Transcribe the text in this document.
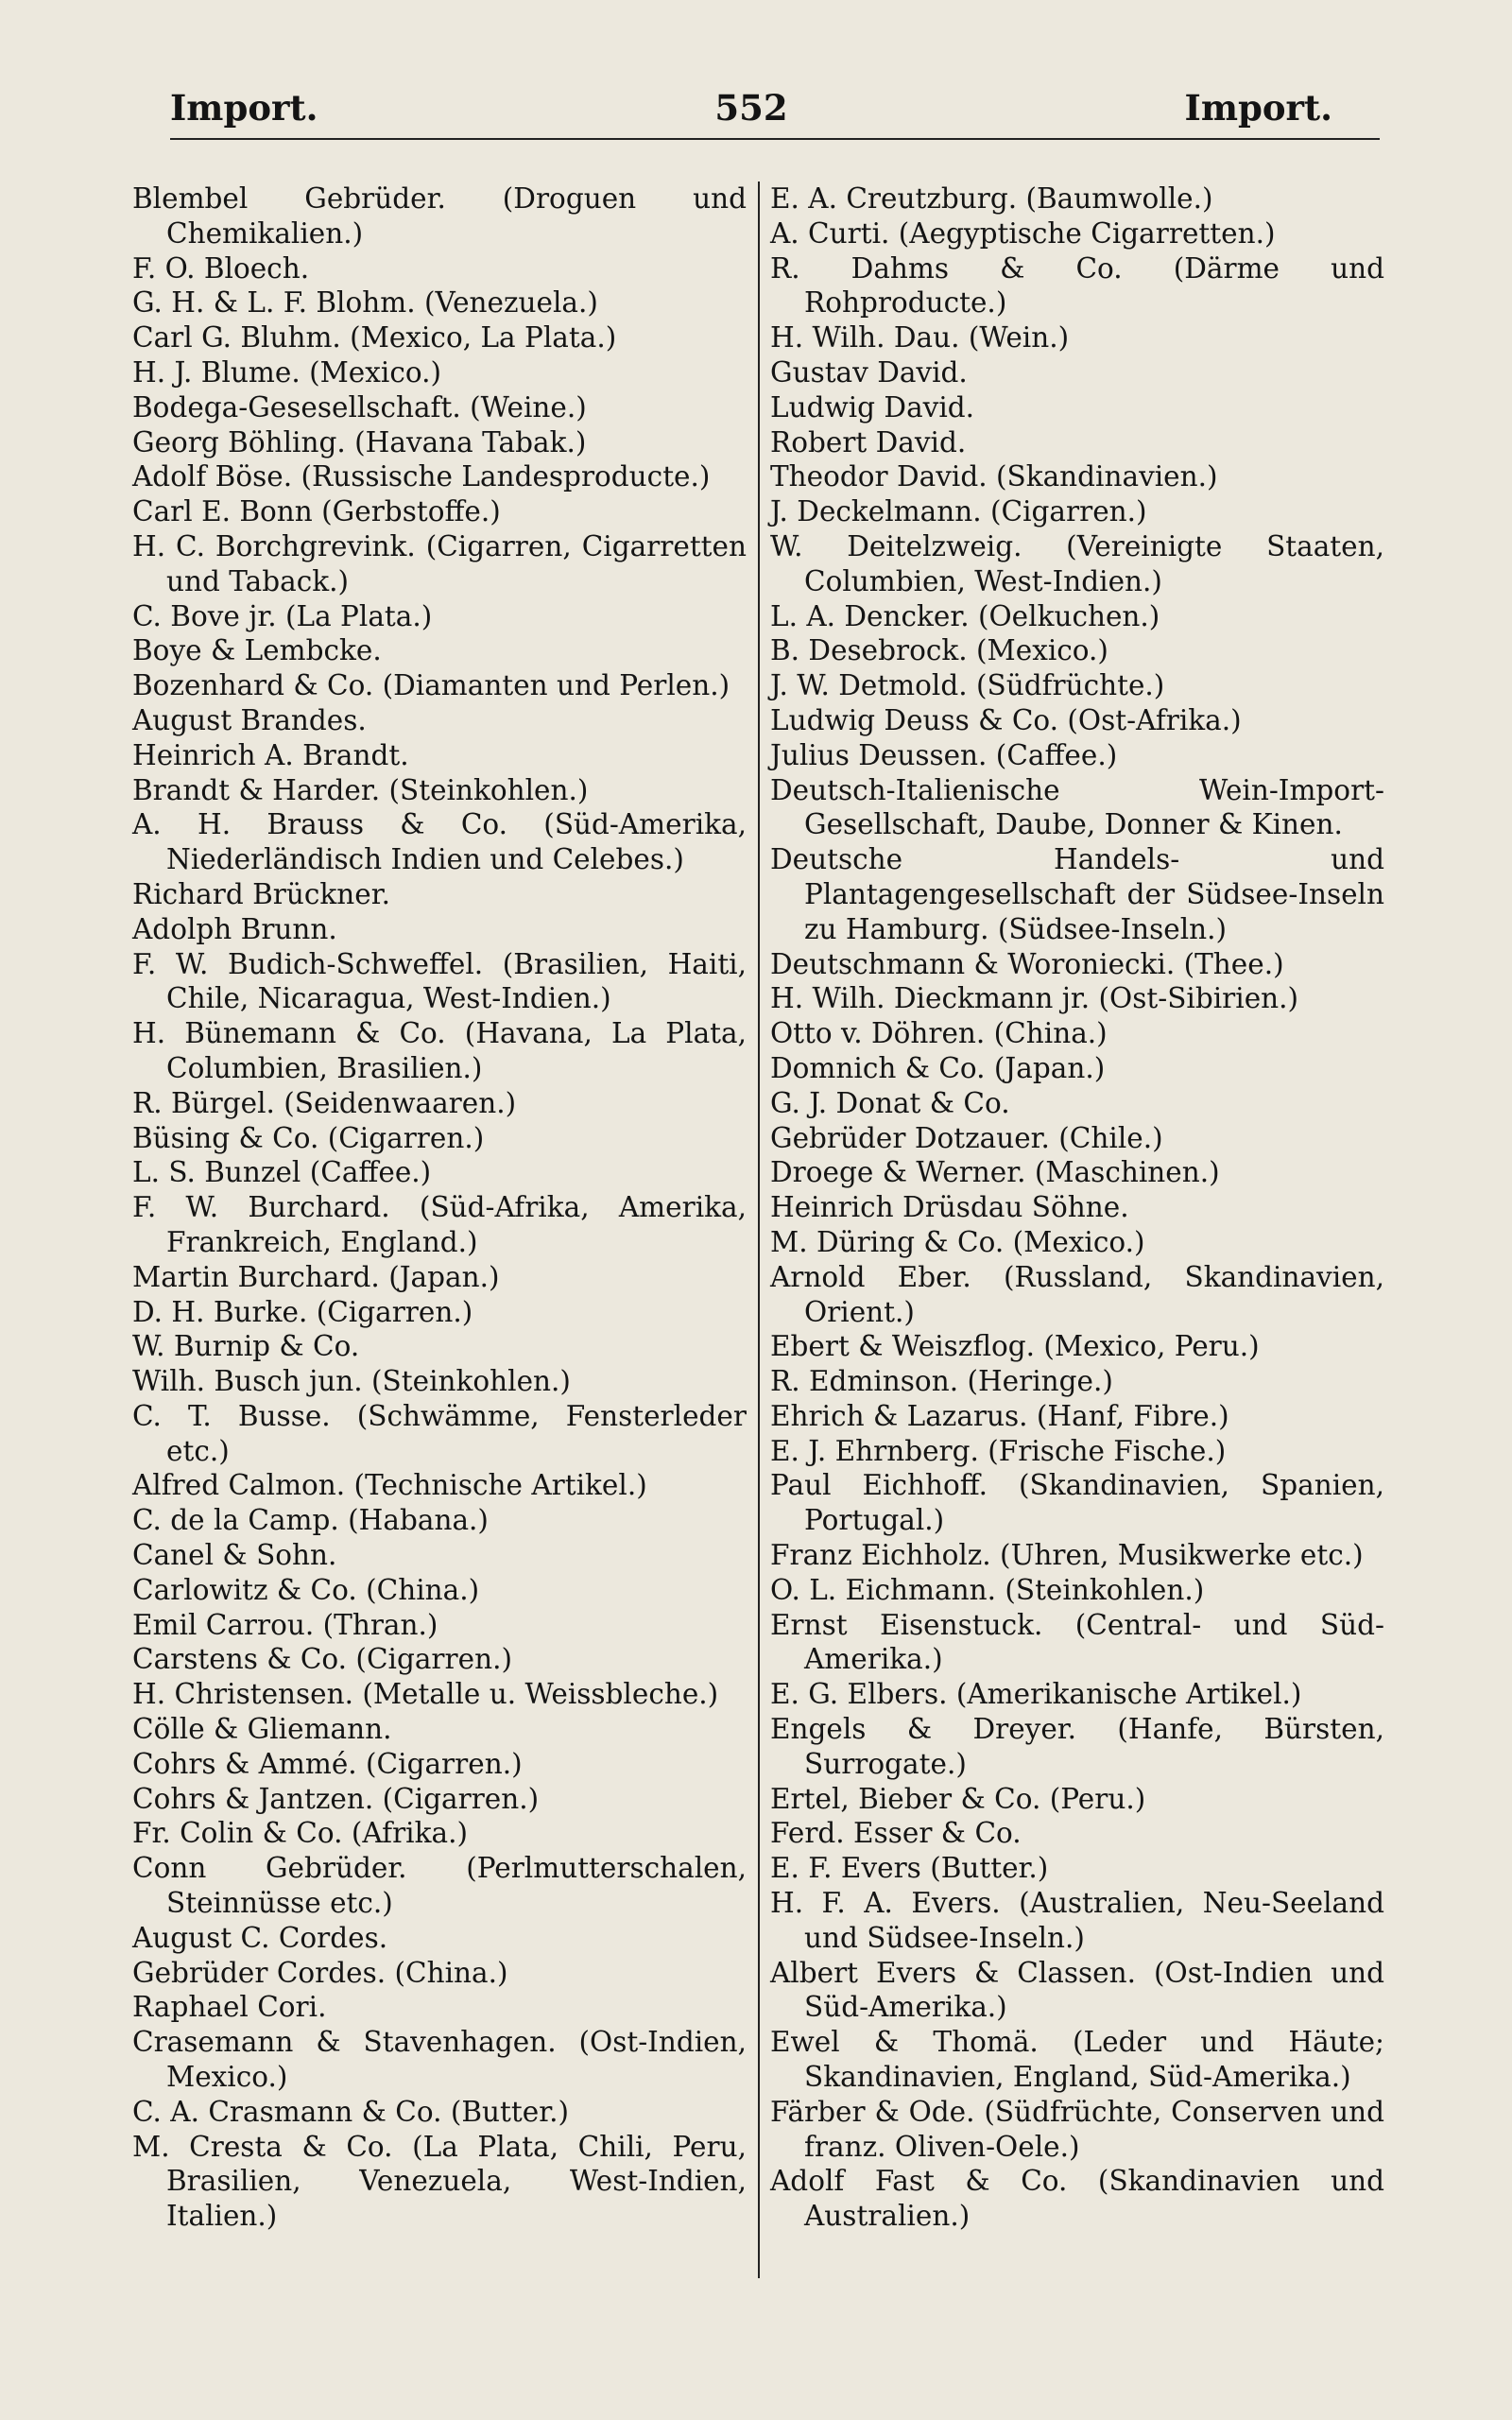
Import.	552	Import.

Blembel Gebrüder. (Droguen und Chemikalien.)

F. O. Bloech.

G. H. & L. F. Blohm. (Venezuela.)

Carl G. Bluhm. (Mexico, La Plata.)

H. J. Blume. (Mexico.)

Bodega-Gesesellschaft. (Weine.)

Georg Böhling. (Havana Tabak.)

Adolf Böse. (Russische Landesproducte.)

Carl E. Bonn (Gerbstoffe.)

H. C. Borchgrevink. (Cigarren, Cigarretten und Taback.)

C. Bove jr. (La Plata.)

Boye & Lembcke.

Bozenhard & Co. (Diamanten und Perlen.)

August Brandes.

Heinrich A. Brandt.

Brandt & Harder. (Steinkohlen.)

A. H. Brauss & Co. (Süd-Amerika, Niederländisch Indien und Celebes.)

Richard Brückner.

Adolph Brunn.

F. W. Budich-Schweffel. (Brasilien, Haiti, Chile, Nicaragua, West-Indien.)

H. Bünemann & Co. (Havana, La Plata, Columbien, Brasilien.)

R. Bürgel. (Seidenwaaren.)

Büsing & Co. (Cigarren.)

L. S. Bunzel (Caffee.)

F. W. Burchard. (Süd-Afrika, Amerika, Frankreich, England.)

Martin Burchard. (Japan.)

D. H. Burke. (Cigarren.)

W. Burnip & Co.

Wilh. Busch jun. (Steinkohlen.)

C. T. Busse. (Schwämme, Fensterleder etc.)

Alfred Calmon. (Technische Artikel.)

C. de la Camp. (Habana.)

Canel & Sohn.

Carlowitz & Co. (China.)

Emil Carrou. (Thran.)

Carstens & Co. (Cigarren.)

H. Christensen. (Metalle u. Weissbleche.)

Cölle & Gliemann.

Cohrs & Ammé. (Cigarren.)

Cohrs & Jantzen. (Cigarren.)

Fr. Colin & Co. (Afrika.)

Conn Gebrüder. (Perlmutterschalen, Steinnüsse etc.)

August C. Cordes.

Gebrüder Cordes. (China.)

Raphael Cori.

Crasemann & Stavenhagen. (Ost-Indien, Mexico.)

C. A. Crasmann & Co. (Butter.)

M. Cresta & Co. (La Plata, Chili, Peru, Brasilien, Venezuela, West-Indien, Italien.)

E. A. Creutzburg. (Baumwolle.)

A. Curti. (Aegyptische Cigarretten.)

R. Dahms & Co. (Därme und Rohproducte.)

H. Wilh. Dau. (Wein.)

Gustav David.

Ludwig David.

Robert David.

Theodor David. (Skandinavien.)

J. Deckelmann. (Cigarren.)

W. Deitelzweig. (Vereinigte Staaten, Columbien, West-Indien.)

L. A. Dencker. (Oelkuchen.)

B. Desebrock. (Mexico.)

J. W. Detmold. (Südfrüchte.)

Ludwig Deuss & Co. (Ost-Afrika.)

Julius Deussen. (Caffee.)

Deutsch-Italienische Wein-Import-Gesellschaft, Daube, Donner & Kinen.

Deutsche Handels- und Plantagengesellschaft der Südsee-Inseln zu Hamburg. (Südsee-Inseln.)

Deutschmann & Woroniecki. (Thee.)

H. Wilh. Dieckmann jr. (Ost-Sibirien.)

Otto v. Döhren. (China.)

Domnich & Co. (Japan.)

G. J. Donat & Co.

Gebrüder Dotzauer. (Chile.)

Droege & Werner. (Maschinen.)

Heinrich Drüsdau Söhne.

M. Düring & Co. (Mexico.)

Arnold Eber. (Russland, Skandinavien, Orient.)

Ebert & Weiszflog. (Mexico, Peru.)

R. Edminson. (Heringe.)

Ehrich & Lazarus. (Hanf, Fibre.)

E. J. Ehrnberg. (Frische Fische.)

Paul Eichhoff. (Skandinavien, Spanien, Portugal.)

Franz Eichholz. (Uhren, Musikwerke etc.)

O. L. Eichmann. (Steinkohlen.)

Ernst Eisenstuck. (Central- und Süd-Amerika.)

E. G. Elbers. (Amerikanische Artikel.)

Engels & Dreyer. (Hanfe, Bürsten, Surrogate.)

Ertel, Bieber & Co. (Peru.)

Ferd. Esser & Co.

E. F. Evers (Butter.)

H. F. A. Evers. (Australien, Neu-Seeland und Südsee-Inseln.)

Albert Evers & Classen. (Ost-Indien und Süd-Amerika.)

Ewel & Thomä. (Leder und Häute; Skandinavien, England, Süd-Amerika.)

Färber & Ode. (Südfrüchte, Conserven und franz. Oliven-Oele.)

Adolf Fast & Co. (Skandinavien und Australien.)
